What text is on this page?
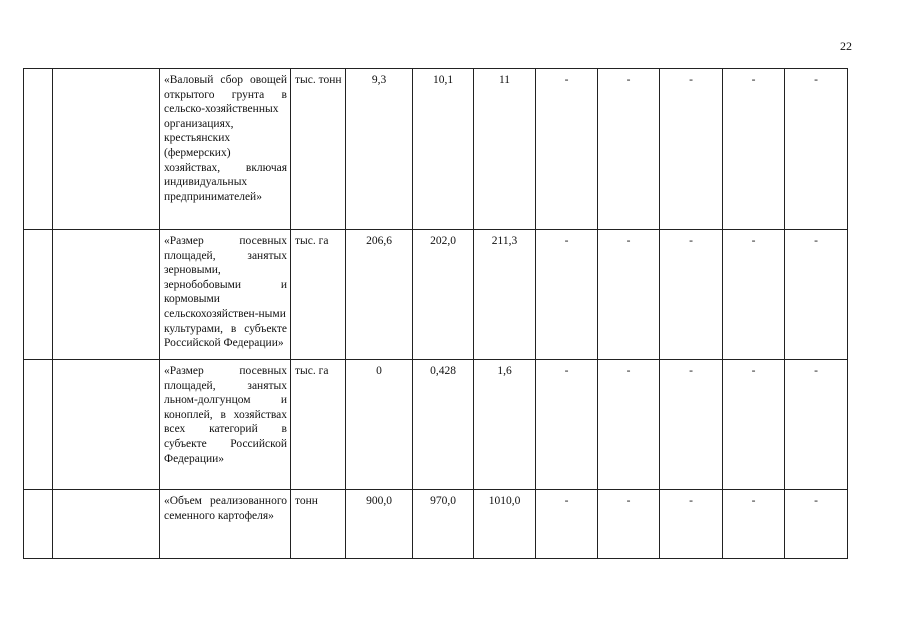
22
		«Валовый сбор овощей открытого грунта в сельско-хозяйственных организациях, крестьянских (фермерских) хозяйствах, включая индивидуальных предпринимателей»	тыс. тонн	9,3	10,1	11	-	-	-	-	-
		«Размер посевных площадей, занятых зерновыми, зернобобовыми и кормовыми сельскохозяйствен-ными культурами, в субъекте Российской Федерации»	тыс. га	206,6	202,0	211,3	-	-	-	-	-
		«Размер посевных площадей, занятых льном-долгунцом и коноплей, в хозяйствах всех категорий в субъекте Российской Федерации»	тыс. га	0	0,428	1,6	-	-	-	-	-
		«Объем реализованного семенного картофеля»	тонн	900,0	970,0	1010,0	-	-	-	-	-
